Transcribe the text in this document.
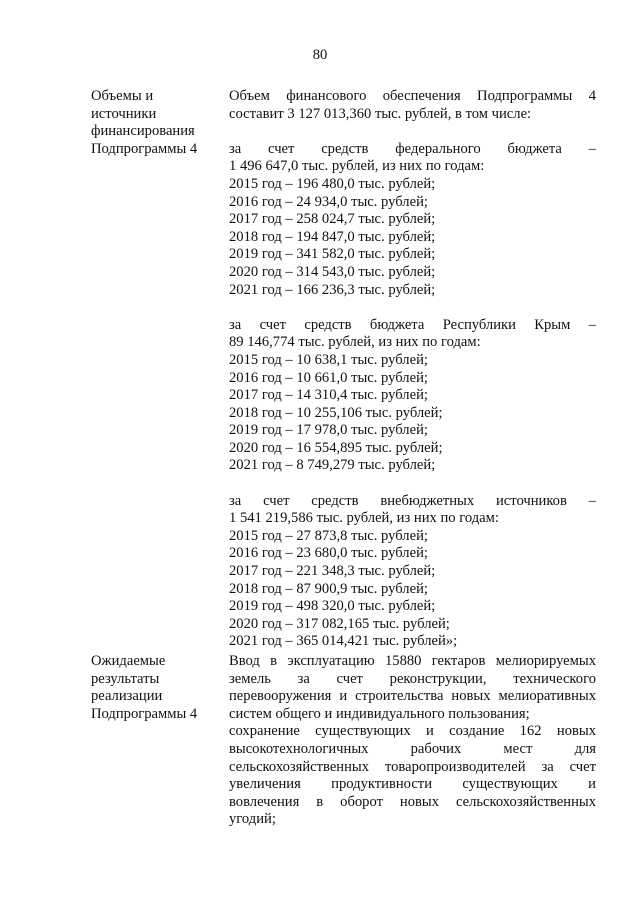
80
Объемы и
источники
финансирования
Подпрограммы 4
Объем финансового обеспечения Подпрограммы 4
составит 3 127 013,360 тыс. рублей, в том числе:
за счет средств федерального бюджета –
1 496 647,0 тыс. рублей, из них по годам:
2015 год – 196 480,0 тыс. рублей;
2016 год – 24 934,0 тыс. рублей;
2017 год – 258 024,7 тыс. рублей;
2018 год – 194 847,0 тыс. рублей;
2019 год – 341 582,0 тыс. рублей;
2020 год – 314 543,0 тыс. рублей;
2021 год – 166 236,3 тыс. рублей;
за счет средств бюджета Республики Крым –
89 146,774 тыс. рублей, из них по годам:
2015 год – 10 638,1 тыс. рублей;
2016 год – 10 661,0 тыс. рублей;
2017 год – 14 310,4 тыс. рублей;
2018 год – 10 255,106 тыс. рублей;
2019 год – 17 978,0 тыс. рублей;
2020 год – 16 554,895 тыс. рублей;
2021 год – 8 749,279 тыс. рублей;
за счет средств внебюджетных источников –
1 541 219,586 тыс. рублей, из них по годам:
2015 год – 27 873,8 тыс. рублей;
2016 год – 23 680,0 тыс. рублей;
2017 год – 221 348,3 тыс. рублей;
2018 год – 87 900,9 тыс. рублей;
2019 год – 498 320,0 тыс. рублей;
2020 год – 317 082,165 тыс. рублей;
2021 год – 365 014,421 тыс. рублей»;
Ожидаемые
результаты
реализации
Подпрограммы 4
Ввод в эксплуатацию 15880 гектаров мелиорируемых
земель за счет реконструкции, технического
перевооружения и строительства новых мелиоративных
систем общего и индивидуального пользования;
сохранение существующих и создание 162 новых
высокотехнологичных рабочих мест для
сельскохозяйственных товаропроизводителей за счет
увеличения продуктивности существующих и
вовлечения в оборот новых сельскохозяйственных
угодий;
